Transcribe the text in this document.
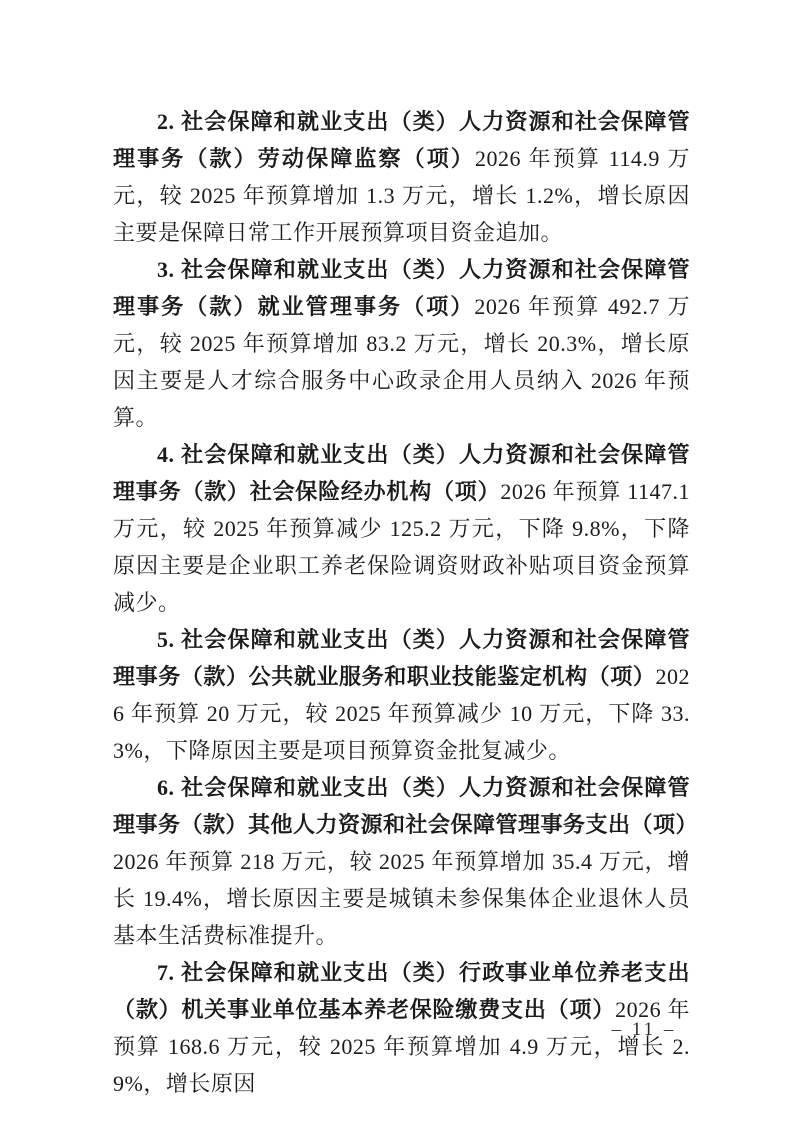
2. 社会保障和就业支出（类）人力资源和社会保障管理事务（款）劳动保障监察（项）2026 年预算 114.9 万元，较 2025 年预算增加 1.3 万元，增长 1.2%，增长原因主要是保障日常工作开展预算项目资金追加。

3. 社会保障和就业支出（类）人力资源和社会保障管理事务（款）就业管理事务（项）2026 年预算 492.7 万元，较 2025 年预算增加 83.2 万元，增长 20.3%，增长原因主要是人才综合服务中心政录企用人员纳入 2026 年预算。

4. 社会保障和就业支出（类）人力资源和社会保障管理事务（款）社会保险经办机构（项）2026 年预算 1147.1 万元，较 2025 年预算减少 125.2 万元，下降 9.8%，下降原因主要是企业职工养老保险调资财政补贴项目资金预算减少。

5. 社会保障和就业支出（类）人力资源和社会保障管理事务（款）公共就业服务和职业技能鉴定机构（项）2026 年预算 20 万元，较 2025 年预算减少 10 万元，下降 33.3%，下降原因主要是项目预算资金批复减少。

6. 社会保障和就业支出（类）人力资源和社会保障管理事务（款）其他人力资源和社会保障管理事务支出（项）2026 年预算 218 万元，较 2025 年预算增加 35.4 万元，增长 19.4%，增长原因主要是城镇未参保集体企业退休人员基本生活费标准提升。

7. 社会保障和就业支出（类）行政事业单位养老支出（款）机关事业单位基本养老保险缴费支出（项）2026 年预算 168.6 万元，较 2025 年预算增加 4.9 万元，增长 2.9%，增长原因

– 11 –
